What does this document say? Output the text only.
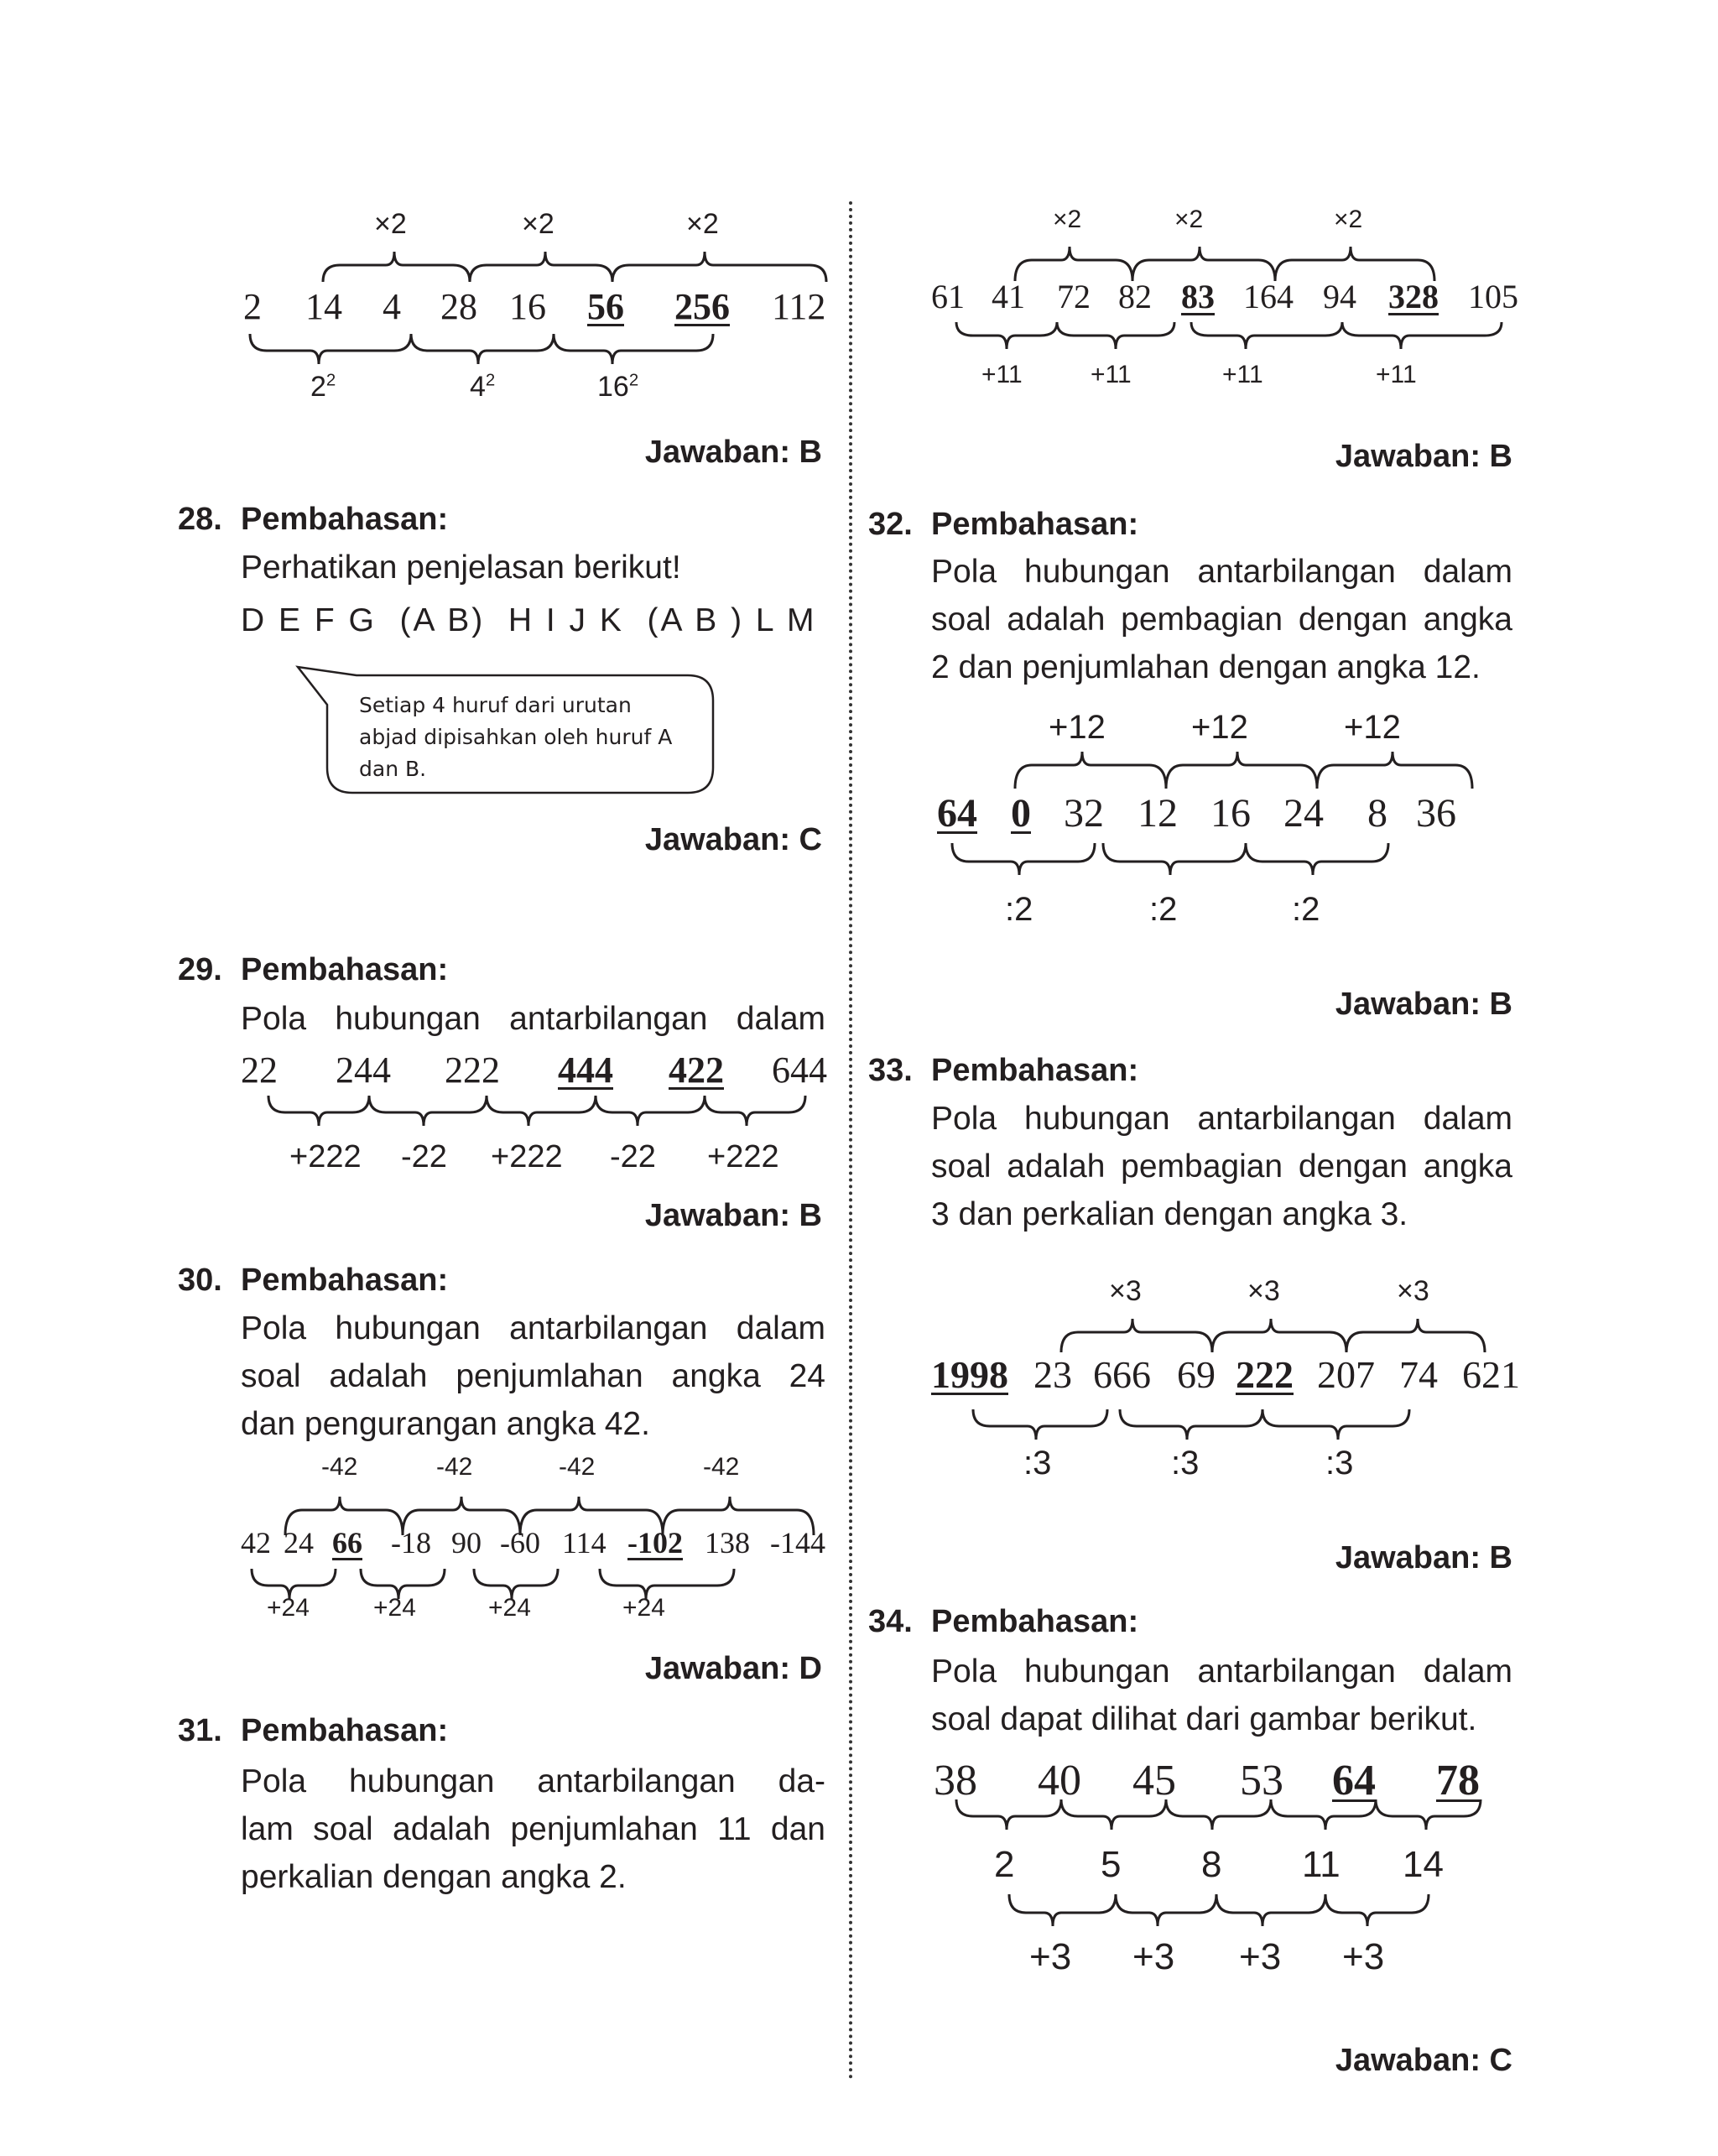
×2	×2	×2
2 14 4 28 16 56 256 112
$2^2$	$4^2$	$16^2$
Jawaban: B
28. Pembahasan:
Perhatikan penjelasan berikut!
D E F G  (A B)  H I J K  (A B ) L M
Setiap 4 huruf dari urutan
abjad dipisahkan oleh huruf A
dan B.
Jawaban: C
29. Pembahasan:
Pola hubungan antarbilangan dalam
22 244 222 444 422 644
+222 -22 +222 -22 +222
Jawaban: B
30. Pembahasan:
Pola hubungan antarbilangan dalam
soal adalah penjumlahan angka 24
dan pengurangan angka 42.
-42	-42	-42	-42
42 24 66 -18 90 -60 114 -102 138 -144
+24	+24	+24	+24
Jawaban: D
31. Pembahasan:
Pola hubungan antarbilangan da-
lam soal adalah penjumlahan 11 dan
perkalian dengan angka 2.
×2	×2	×2
61 41 72 82 83 164 94 328 105
+11	+11	+11	+11
Jawaban: B
32. Pembahasan:
Pola hubungan antarbilangan dalam
soal adalah pembagian dengan angka
2 dan penjumlahan dengan angka 12.
+12	+12	+12
64 0 32 12 16 24 8 36
:2	:2	:2
Jawaban: B
33. Pembahasan:
Pola hubungan antarbilangan dalam
soal adalah pembagian dengan angka
3 dan perkalian dengan angka 3.
×3	×3	×3
1998 23 666 69 222 207 74 621
:3	:3	:3
Jawaban: B
34. Pembahasan:
Pola hubungan antarbilangan dalam
soal dapat dilihat dari gambar berikut.
38 40 45 53 64 78
2 5 8 11 14
+3 +3 +3 +3
Jawaban: C
